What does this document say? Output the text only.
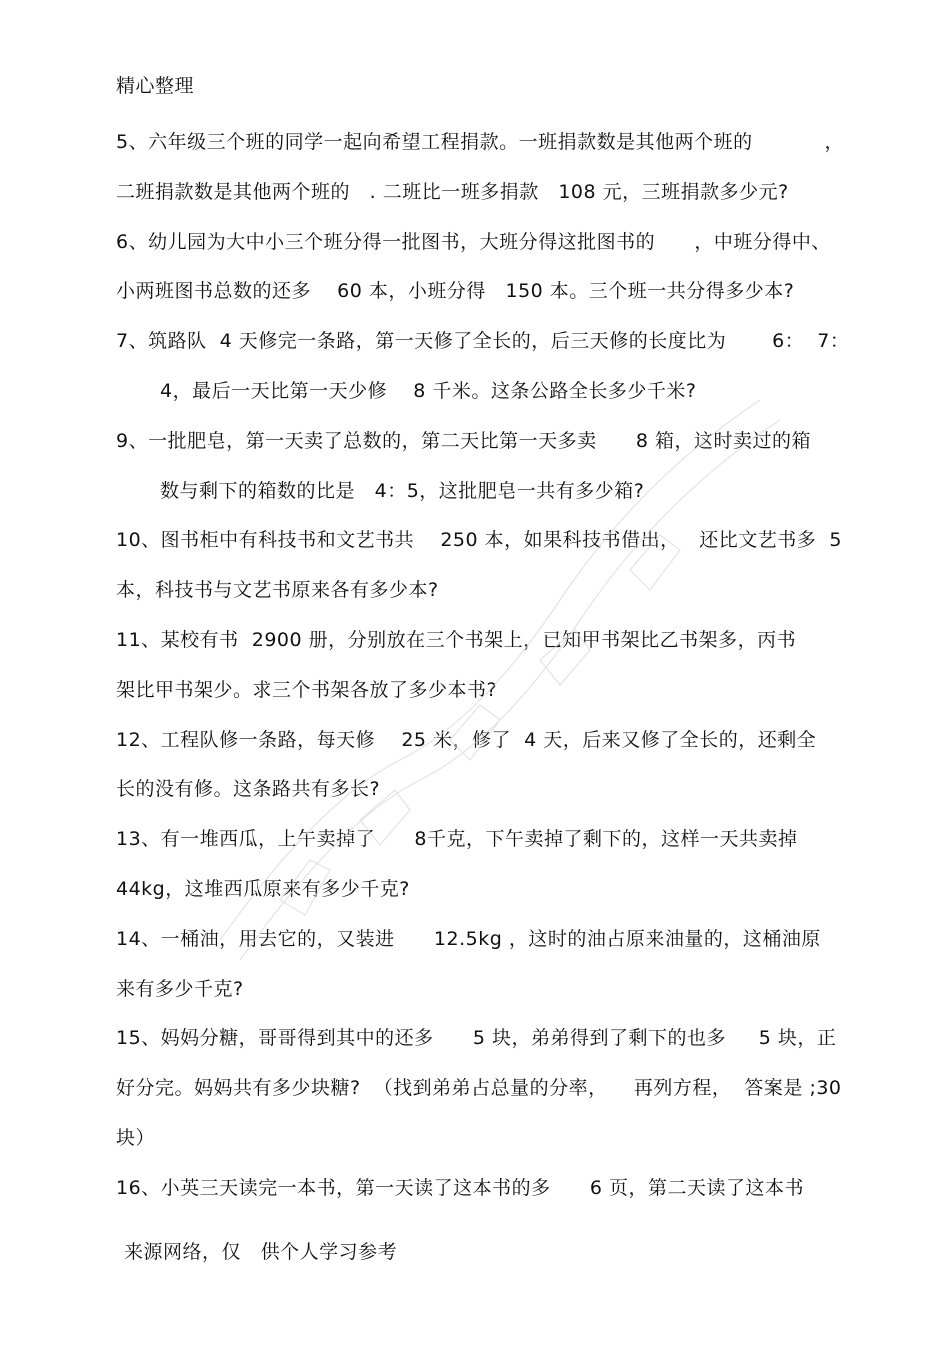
精心整理
5、六年级三个班的同学一起向希望工程捐款。一班捐款数是其他两个班的           ，
二班捐款数是其他两个班的   . 二班比一班多捐款   108 元，三班捐款多少元?
6、幼儿园为大中小三个班分得一批图书，大班分得这批图书的      ，中班分得中、
小两班图书总数的还多    60 本，小班分得   150 本。三个班一共分得多少本?
7、筑路队  4 天修完一条路，第一天修了全长的，后三天修的长度比为       6：  7：
4，最后一天比第一天少修    8 千米。这条公路全长多少千米?
9、一批肥皂，第一天卖了总数的，第二天比第一天多卖      8 箱，这时卖过的箱
数与剩下的箱数的比是   4：5，这批肥皂一共有多少箱?
10、图书柜中有科技书和文艺书共    250 本，如果科技书借出，   还比文艺书多  5
本，科技书与文艺书原来各有多少本?
11、某校有书  2900 册，分别放在三个书架上，已知甲书架比乙书架多，丙书
架比甲书架少。求三个书架各放了多少本书?
12、工程队修一条路，每天修    25 米，修了  4 天，后来又修了全长的，还剩全
长的没有修。这条路共有多长?
13、有一堆西瓜，上午卖掉了      8千克，下午卖掉了剩下的，这样一天共卖掉
44kg，这堆西瓜原来有多少千克?
14、一桶油，用去它的，又装进      12.5kg ，这时的油占原来油量的，这桶油原
来有多少千克?
15、妈妈分糖，哥哥得到其中的还多      5 块，弟弟得到了剩下的也多     5 块，正
好分完。妈妈共有多少块糖?  （找到弟弟占总量的分率，    再列方程，  答案是 ;30
块）
16、小英三天读完一本书，第一天读了这本书的多      6 页，第二天读了这本书
来源网络，仅   供个人学习参考
